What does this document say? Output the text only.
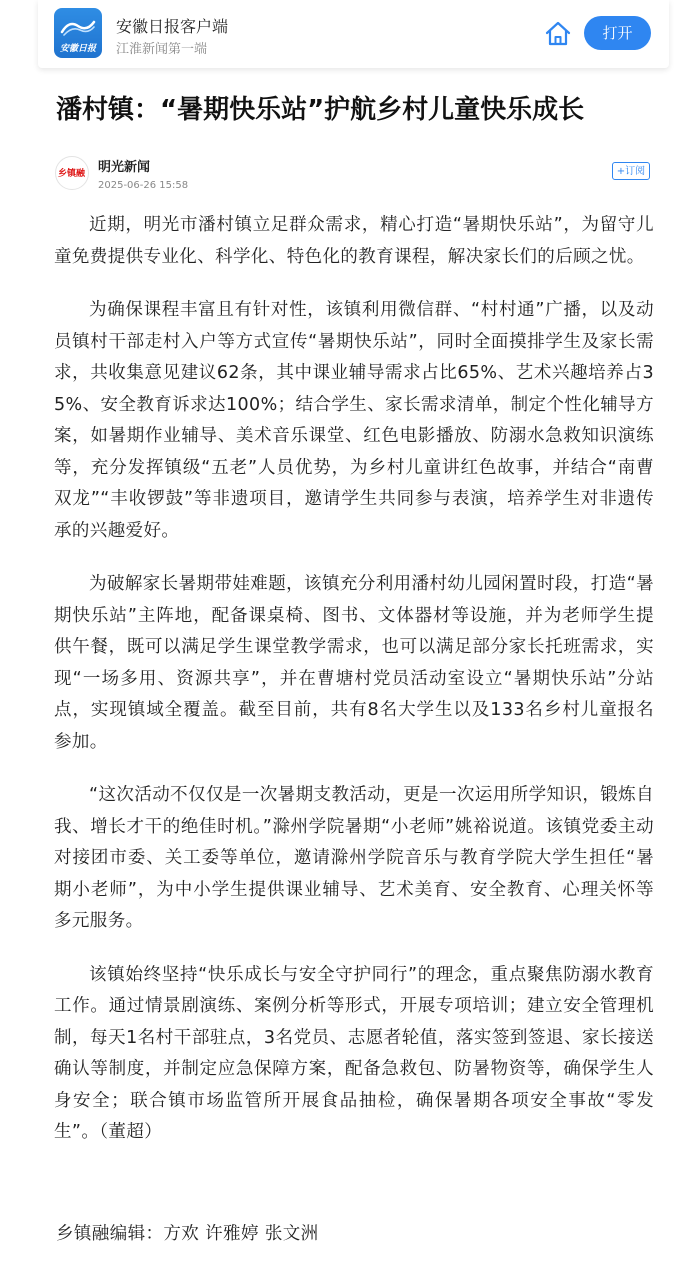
安徽日报
安徽日报客户端
江淮新闻第一端
打开
潘村镇：“暑期快乐站”护航乡村儿童快乐成长
乡镇融 明光新闻
2025-06-26 15:58
+订阅

近期，明光市潘村镇立足群众需求，精心打造“暑期快乐站”，为留守儿童免费提供专业化、科学化、特色化的教育课程，解决家长们的后顾之忧。

为确保课程丰富且有针对性，该镇利用微信群、“村村通”广播，以及动员镇村干部走村入户等方式宣传“暑期快乐站”，同时全面摸排学生及家长需求，共收集意见建议62条，其中课业辅导需求占比65%、艺术兴趣培养占35%、安全教育诉求达100%；结合学生、家长需求清单，制定个性化辅导方案，如暑期作业辅导、美术音乐课堂、红色电影播放、防溺水急救知识演练等，充分发挥镇级“五老”人员优势，为乡村儿童讲红色故事，并结合“南曹双龙”“丰收锣鼓”等非遗项目，邀请学生共同参与表演，培养学生对非遗传承的兴趣爱好。

为破解家长暑期带娃难题，该镇充分利用潘村幼儿园闲置时段，打造“暑期快乐站”主阵地，配备课桌椅、图书、文体器材等设施，并为老师学生提供午餐，既可以满足学生课堂教学需求，也可以满足部分家长托班需求，实现“一场多用、资源共享”，并在曹塘村党员活动室设立“暑期快乐站”分站点，实现镇域全覆盖。截至目前，共有8名大学生以及133名乡村儿童报名参加。

“这次活动不仅仅是一次暑期支教活动，更是一次运用所学知识，锻炼自我、增长才干的绝佳时机。”滁州学院暑期“小老师”姚裕说道。该镇党委主动对接团市委、关工委等单位，邀请滁州学院音乐与教育学院大学生担任“暑期小老师”，为中小学生提供课业辅导、艺术美育、安全教育、心理关怀等多元服务。

该镇始终坚持“快乐成长与安全守护同行”的理念，重点聚焦防溺水教育工作。通过情景剧演练、案例分析等形式，开展专项培训；建立安全管理机制，每天1名村干部驻点，3名党员、志愿者轮值，落实签到签退、家长接送确认等制度，并制定应急保障方案，配备急救包、防暑物资等，确保学生人身安全；联合镇市场监管所开展食品抽检，确保暑期各项安全事故“零发生”。（董超）

乡镇融编辑：方欢 许雅婷 张文洲
